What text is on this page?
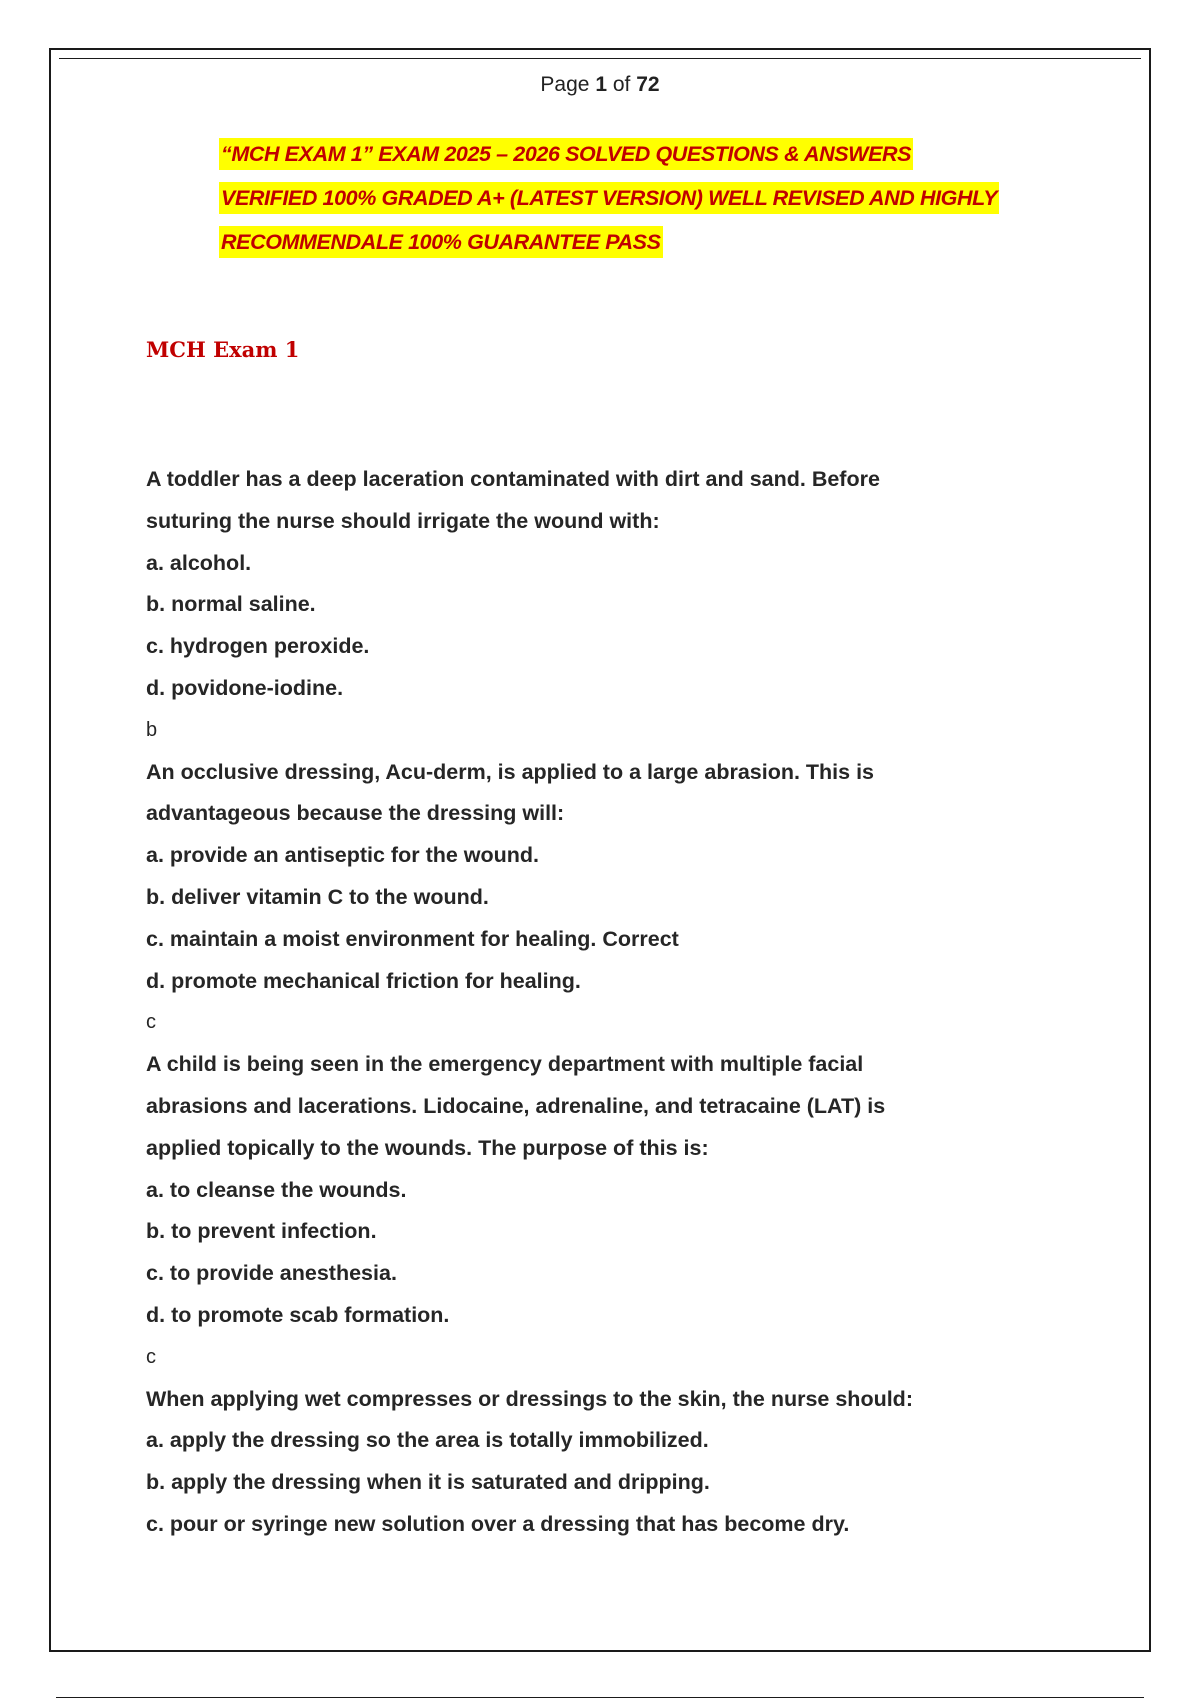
Page 1 of 72
“MCH EXAM 1” EXAM 2025 – 2026 SOLVED QUESTIONS & ANSWERS
VERIFIED 100% GRADED A+ (LATEST VERSION) WELL REVISED AND HIGHLY
RECOMMENDALE 100% GUARANTEE PASS
MCH Exam 1
A toddler has a deep laceration contaminated with dirt and sand. Before
suturing the nurse should irrigate the wound with:
a. alcohol.
b. normal saline.
c. hydrogen peroxide.
d. povidone-iodine.
b
An occlusive dressing, Acu-derm, is applied to a large abrasion. This is
advantageous because the dressing will:
a. provide an antiseptic for the wound.
b. deliver vitamin C to the wound.
c. maintain a moist environment for healing. Correct
d. promote mechanical friction for healing.
c
A child is being seen in the emergency department with multiple facial
abrasions and lacerations. Lidocaine, adrenaline, and tetracaine (LAT) is
applied topically to the wounds. The purpose of this is:
a. to cleanse the wounds.
b. to prevent infection.
c. to provide anesthesia.
d. to promote scab formation.
c
When applying wet compresses or dressings to the skin, the nurse should:
a. apply the dressing so the area is totally immobilized.
b. apply the dressing when it is saturated and dripping.
c. pour or syringe new solution over a dressing that has become dry.
